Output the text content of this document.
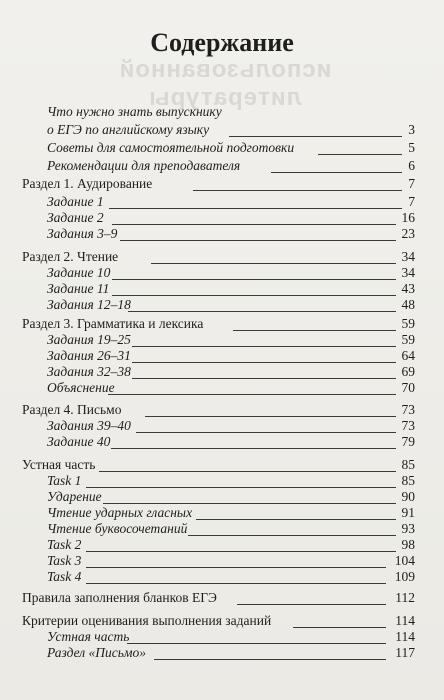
использованной литературы
Содержание
Что нужно знать выпускнику
о ЕГЭ по английскому языку	3
Советы для самостоятельной подготовки	5
Рекомендации для преподавателя	6
Раздел 1. Аудирование	7
Задание 1	7
Задание 2	16
Задания 3–9	23
Раздел 2. Чтение	34
Задание 10	34
Задание 11	43
Задания 12–18	48
Раздел 3. Грамматика и лексика	59
Задания 19–25	59
Задания 26–31	64
Задания 32–38	69
Объяснение	70
Раздел 4. Письмо	73
Задания 39–40	73
Задание 40	79
Устная часть	85
Task 1	85
Ударение	90
Чтение ударных гласных	91
Чтение буквосочетаний	93
Task 2	98
Task 3	104
Task 4	109
Правила заполнения бланков ЕГЭ	112
Критерии оценивания выполнения заданий	114
Устная часть	114
Раздел «Письмо»	117
